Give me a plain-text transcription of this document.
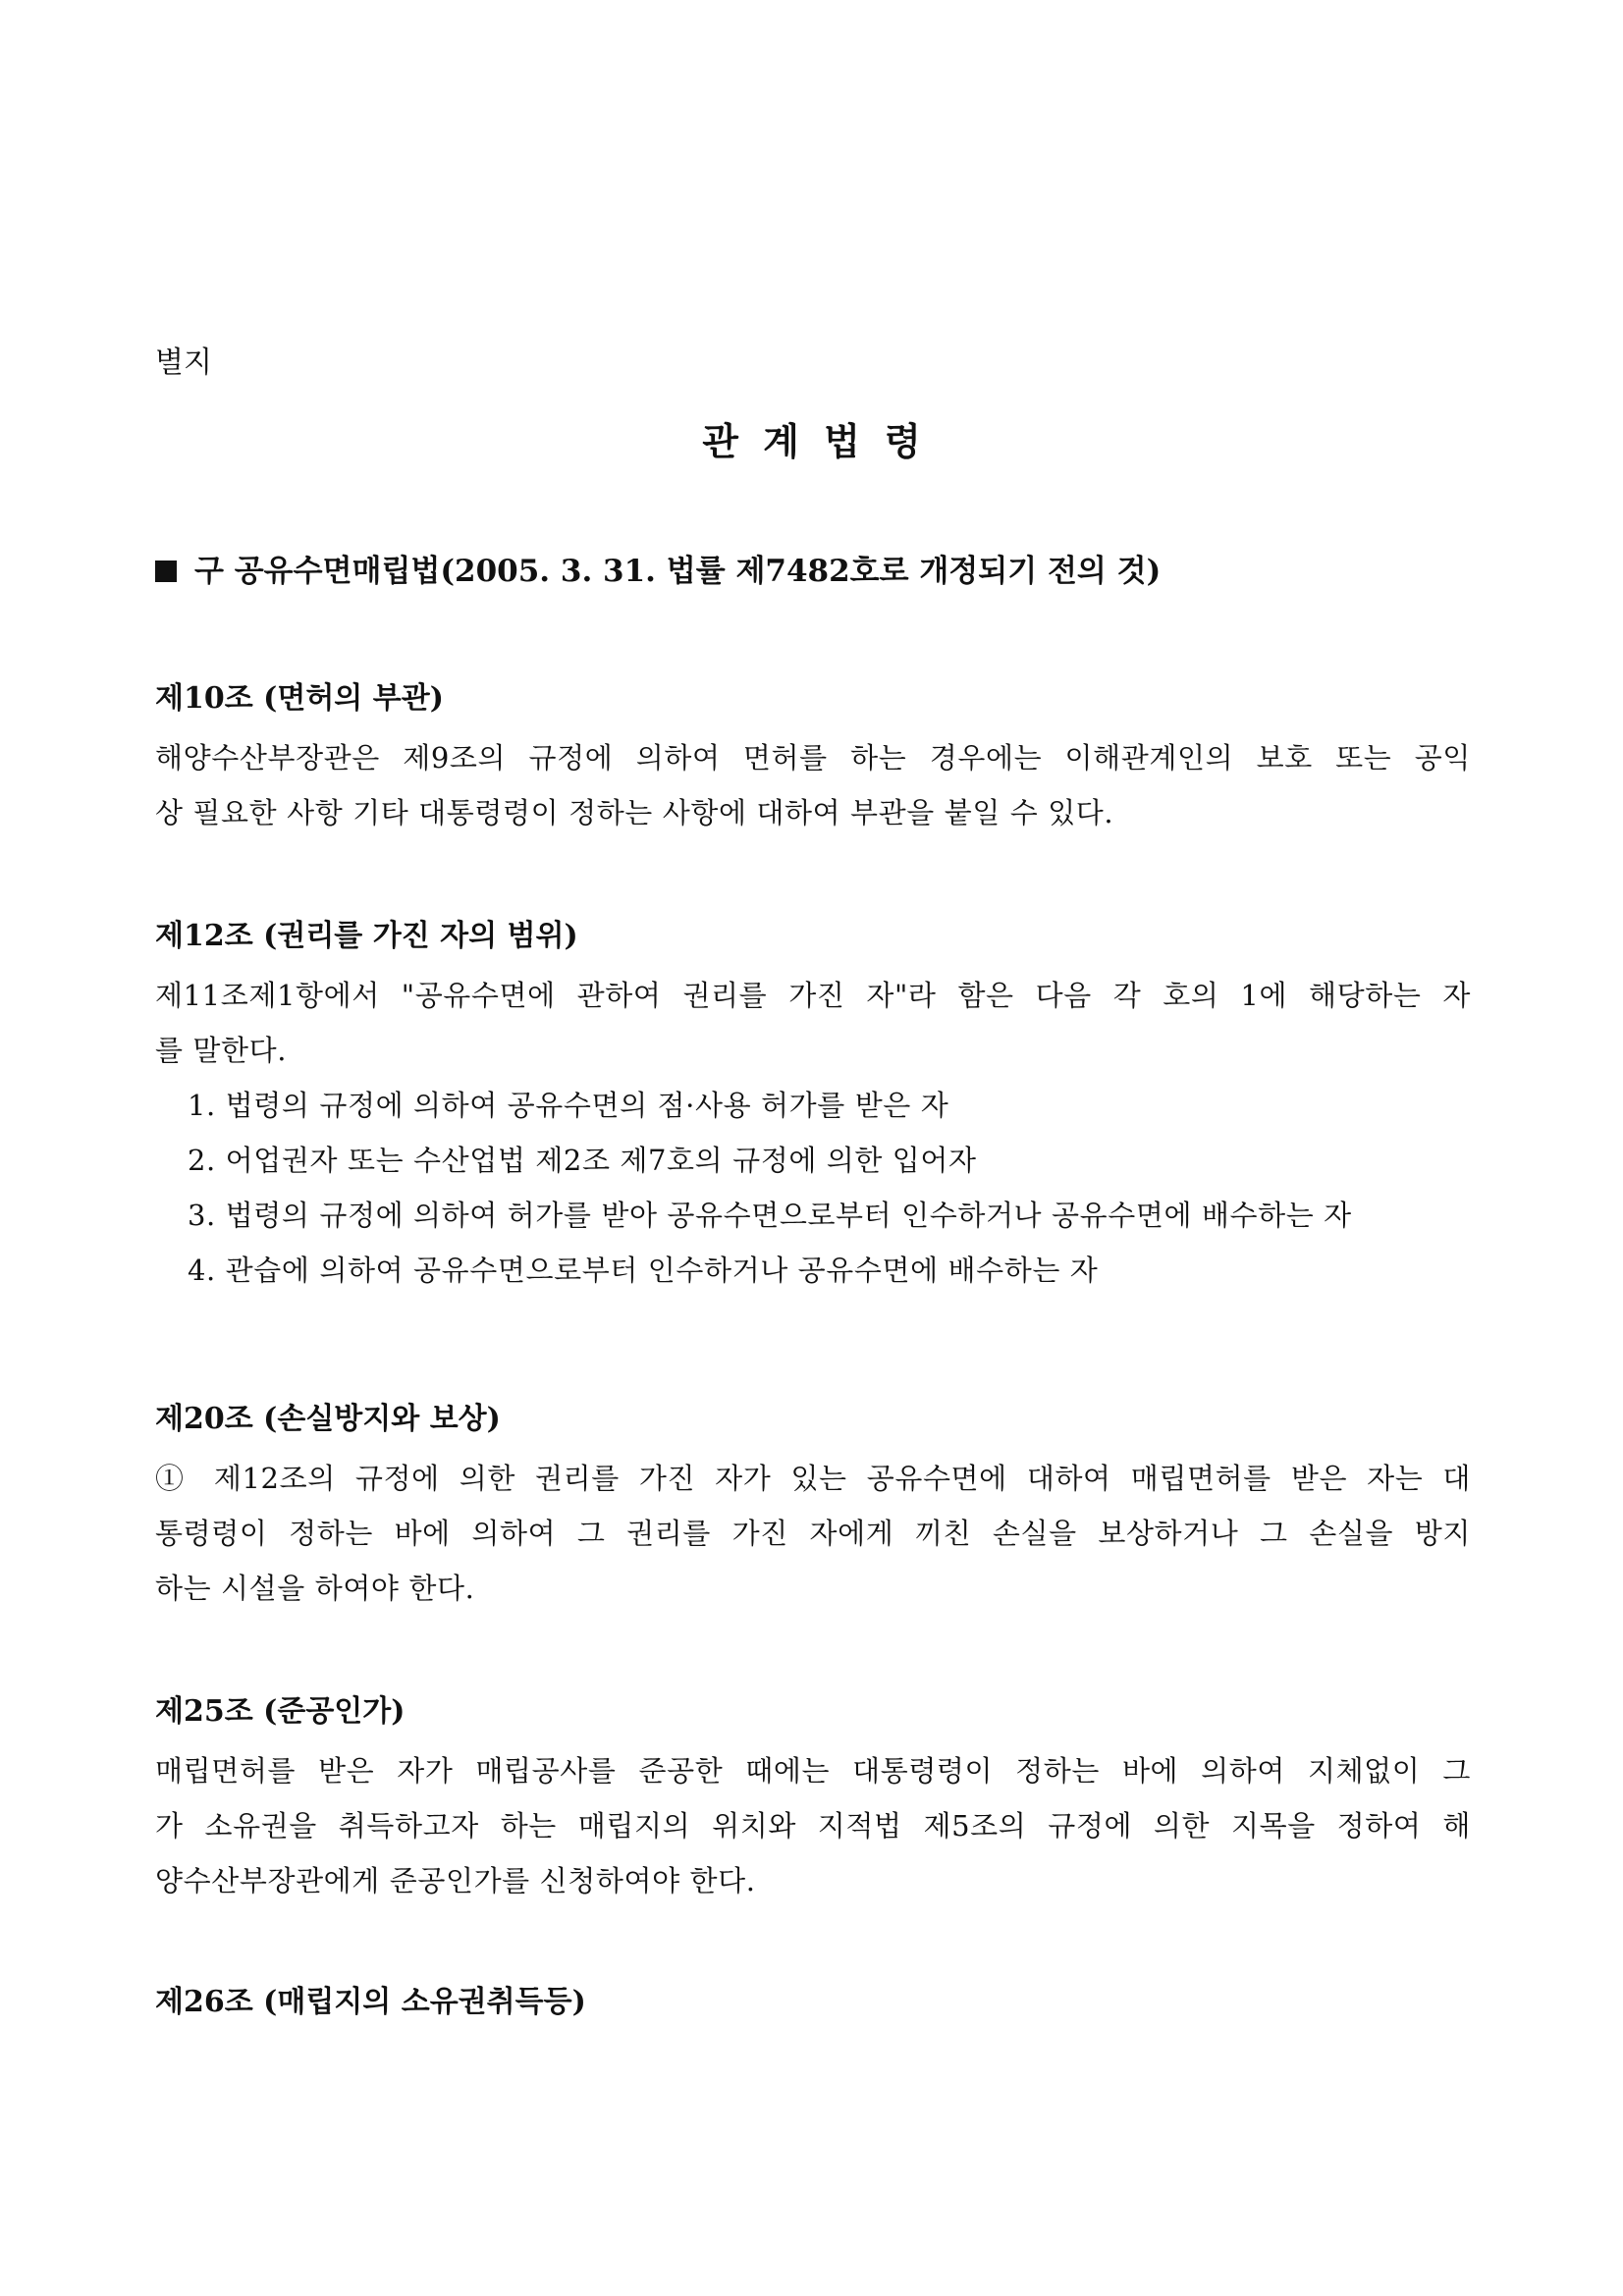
별지
관 계 법 령
구 공유수면매립법(2005. 3. 31. 법률 제7482호로 개정되기 전의 것)
제10조 (면허의 부관)
해양수산부장관은 제9조의 규정에 의하여 면허를 하는 경우에는 이해관계인의 보호 또는 공익
상 필요한 사항 기타 대통령령이 정하는 사항에 대하여 부관을 붙일 수 있다.
제12조 (권리를 가진 자의 범위)
제11조제1항에서 "공유수면에 관하여 권리를 가진 자"라 함은 다음 각 호의 1에 해당하는 자
를 말한다.
1. 법령의 규정에 의하여 공유수면의 점·사용 허가를 받은 자
2. 어업권자 또는 수산업법 제2조 제7호의 규정에 의한 입어자
3. 법령의 규정에 의하여 허가를 받아 공유수면으로부터 인수하거나 공유수면에 배수하는 자
4. 관습에 의하여 공유수면으로부터 인수하거나 공유수면에 배수하는 자
제20조 (손실방지와 보상)
① 제12조의 규정에 의한 권리를 가진 자가 있는 공유수면에 대하여 매립면허를 받은 자는 대
통령령이 정하는 바에 의하여 그 권리를 가진 자에게 끼친 손실을 보상하거나 그 손실을 방지
하는 시설을 하여야 한다.
제25조 (준공인가)
매립면허를 받은 자가 매립공사를 준공한 때에는 대통령령이 정하는 바에 의하여 지체없이 그
가 소유권을 취득하고자 하는 매립지의 위치와 지적법 제5조의 규정에 의한 지목을 정하여 해
양수산부장관에게 준공인가를 신청하여야 한다.
제26조 (매립지의 소유권취득등)
